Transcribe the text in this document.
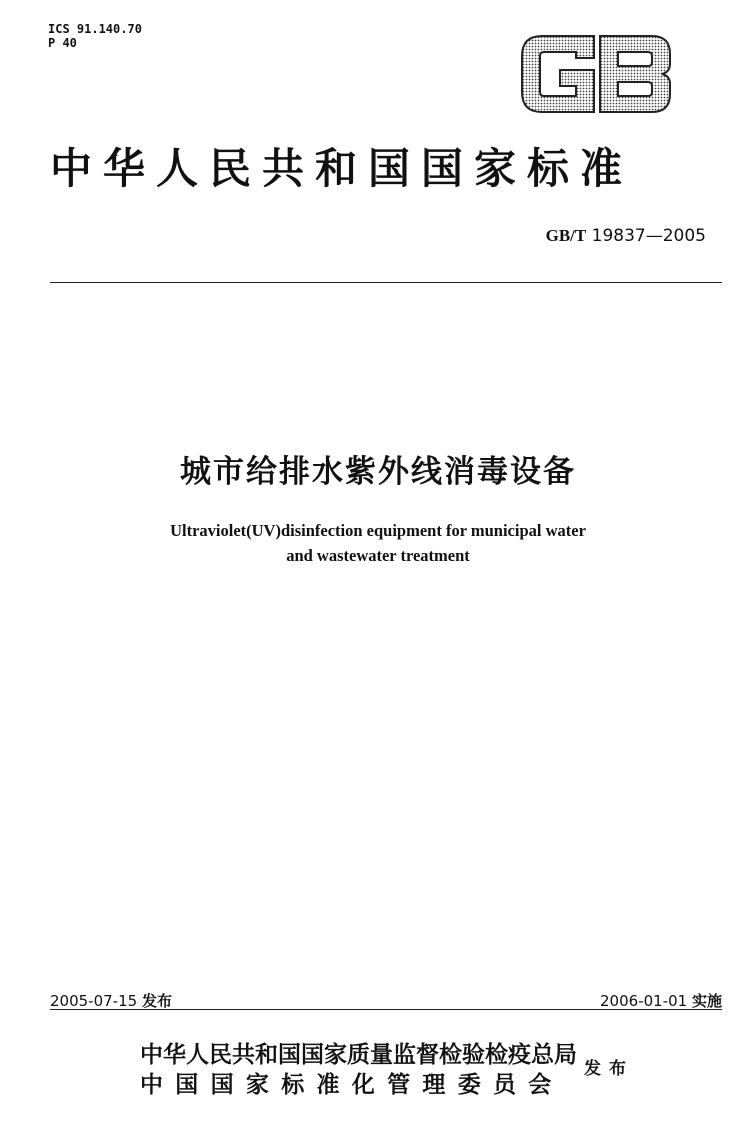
ICS 91.140.70
P 40
中华人民共和国国家标准
GB/T 19837—2005
城市给排水紫外线消毒设备
Ultraviolet(UV)disinfection equipment for municipal water
and wastewater treatment
2005-07-15 发布	2006-01-01 实施
中华人民共和国国家质量监督检验检疫总局
中国国家标准化管理委员会
发布
